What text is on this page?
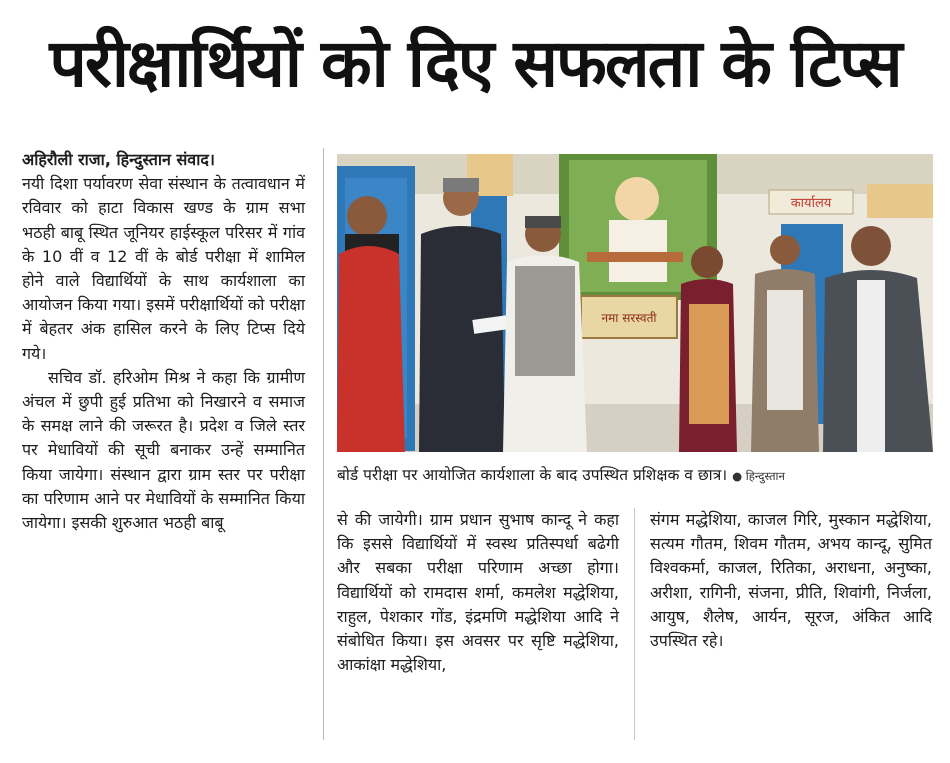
परीक्षार्थियों को दिए सफलता के टिप्स

अहिरौली राजा, हिन्दुस्तान संवाद।

नयी दिशा पर्यावरण सेवा संस्थान के तत्वावधान में रविवार को हाटा विकास खण्ड के ग्राम सभा भठही बाबू स्थित जूनियर हाईस्कूल परिसर में गांव के 10 वीं व 12 वीं के बोर्ड परीक्षा में शामिल होने वाले विद्यार्थियों के साथ कार्यशाला का आयोजन किया गया। इसमें परीक्षार्थियों को परीक्षा में बेहतर अंक हासिल करने के लिए टिप्स दिये गये।

सचिव डॉ. हरिओम मिश्र ने कहा कि ग्रामीण अंचल में छुपी हुई प्रतिभा को निखारने व समाज के समक्ष लाने की जरूरत है। प्रदेश व जिले स्तर पर मेधावियों की सूची बनाकर उन्हें सम्मानित किया जायेगा। संस्थान द्वारा ग्राम स्तर पर परीक्षा का परिणाम आने पर मेधावियों के सम्मानित किया जायेगा। इसकी शुरुआत भठही बाबू

नमा सरस्वती
कार्यालय
बोर्ड परीक्षा पर आयोजित कार्यशाला के बाद उपस्थित प्रशिक्षक व छात्र। ● हिन्दुस्तान

से की जायेगी। ग्राम प्रधान सुभाष कान्दू ने कहा कि इससे विद्यार्थियों में स्वस्थ प्रतिस्पर्धा बढेगी और सबका परीक्षा परिणाम अच्छा होगा। विद्यार्थियों को रामदास शर्मा, कमलेश मद्धेशिया, राहुल, पेशकार गोंड, इंद्रमणि मद्धेशिया आदि ने संबोधित किया। इस अवसर पर सृष्टि मद्धेशिया, आकांक्षा मद्धेशिया,

संगम मद्धेशिया, काजल गिरि, मुस्कान मद्धेशिया, सत्यम गौतम, शिवम गौतम, अभय कान्दू, सुमित विश्वकर्मा, काजल, रितिका, अराधना, अनुष्का, अरीशा, रागिनी, संजना, प्रीति, शिवांगी, निर्जला, आयुष, शैलेष, आर्यन, सूरज, अंकित आदि उपस्थित रहे।
